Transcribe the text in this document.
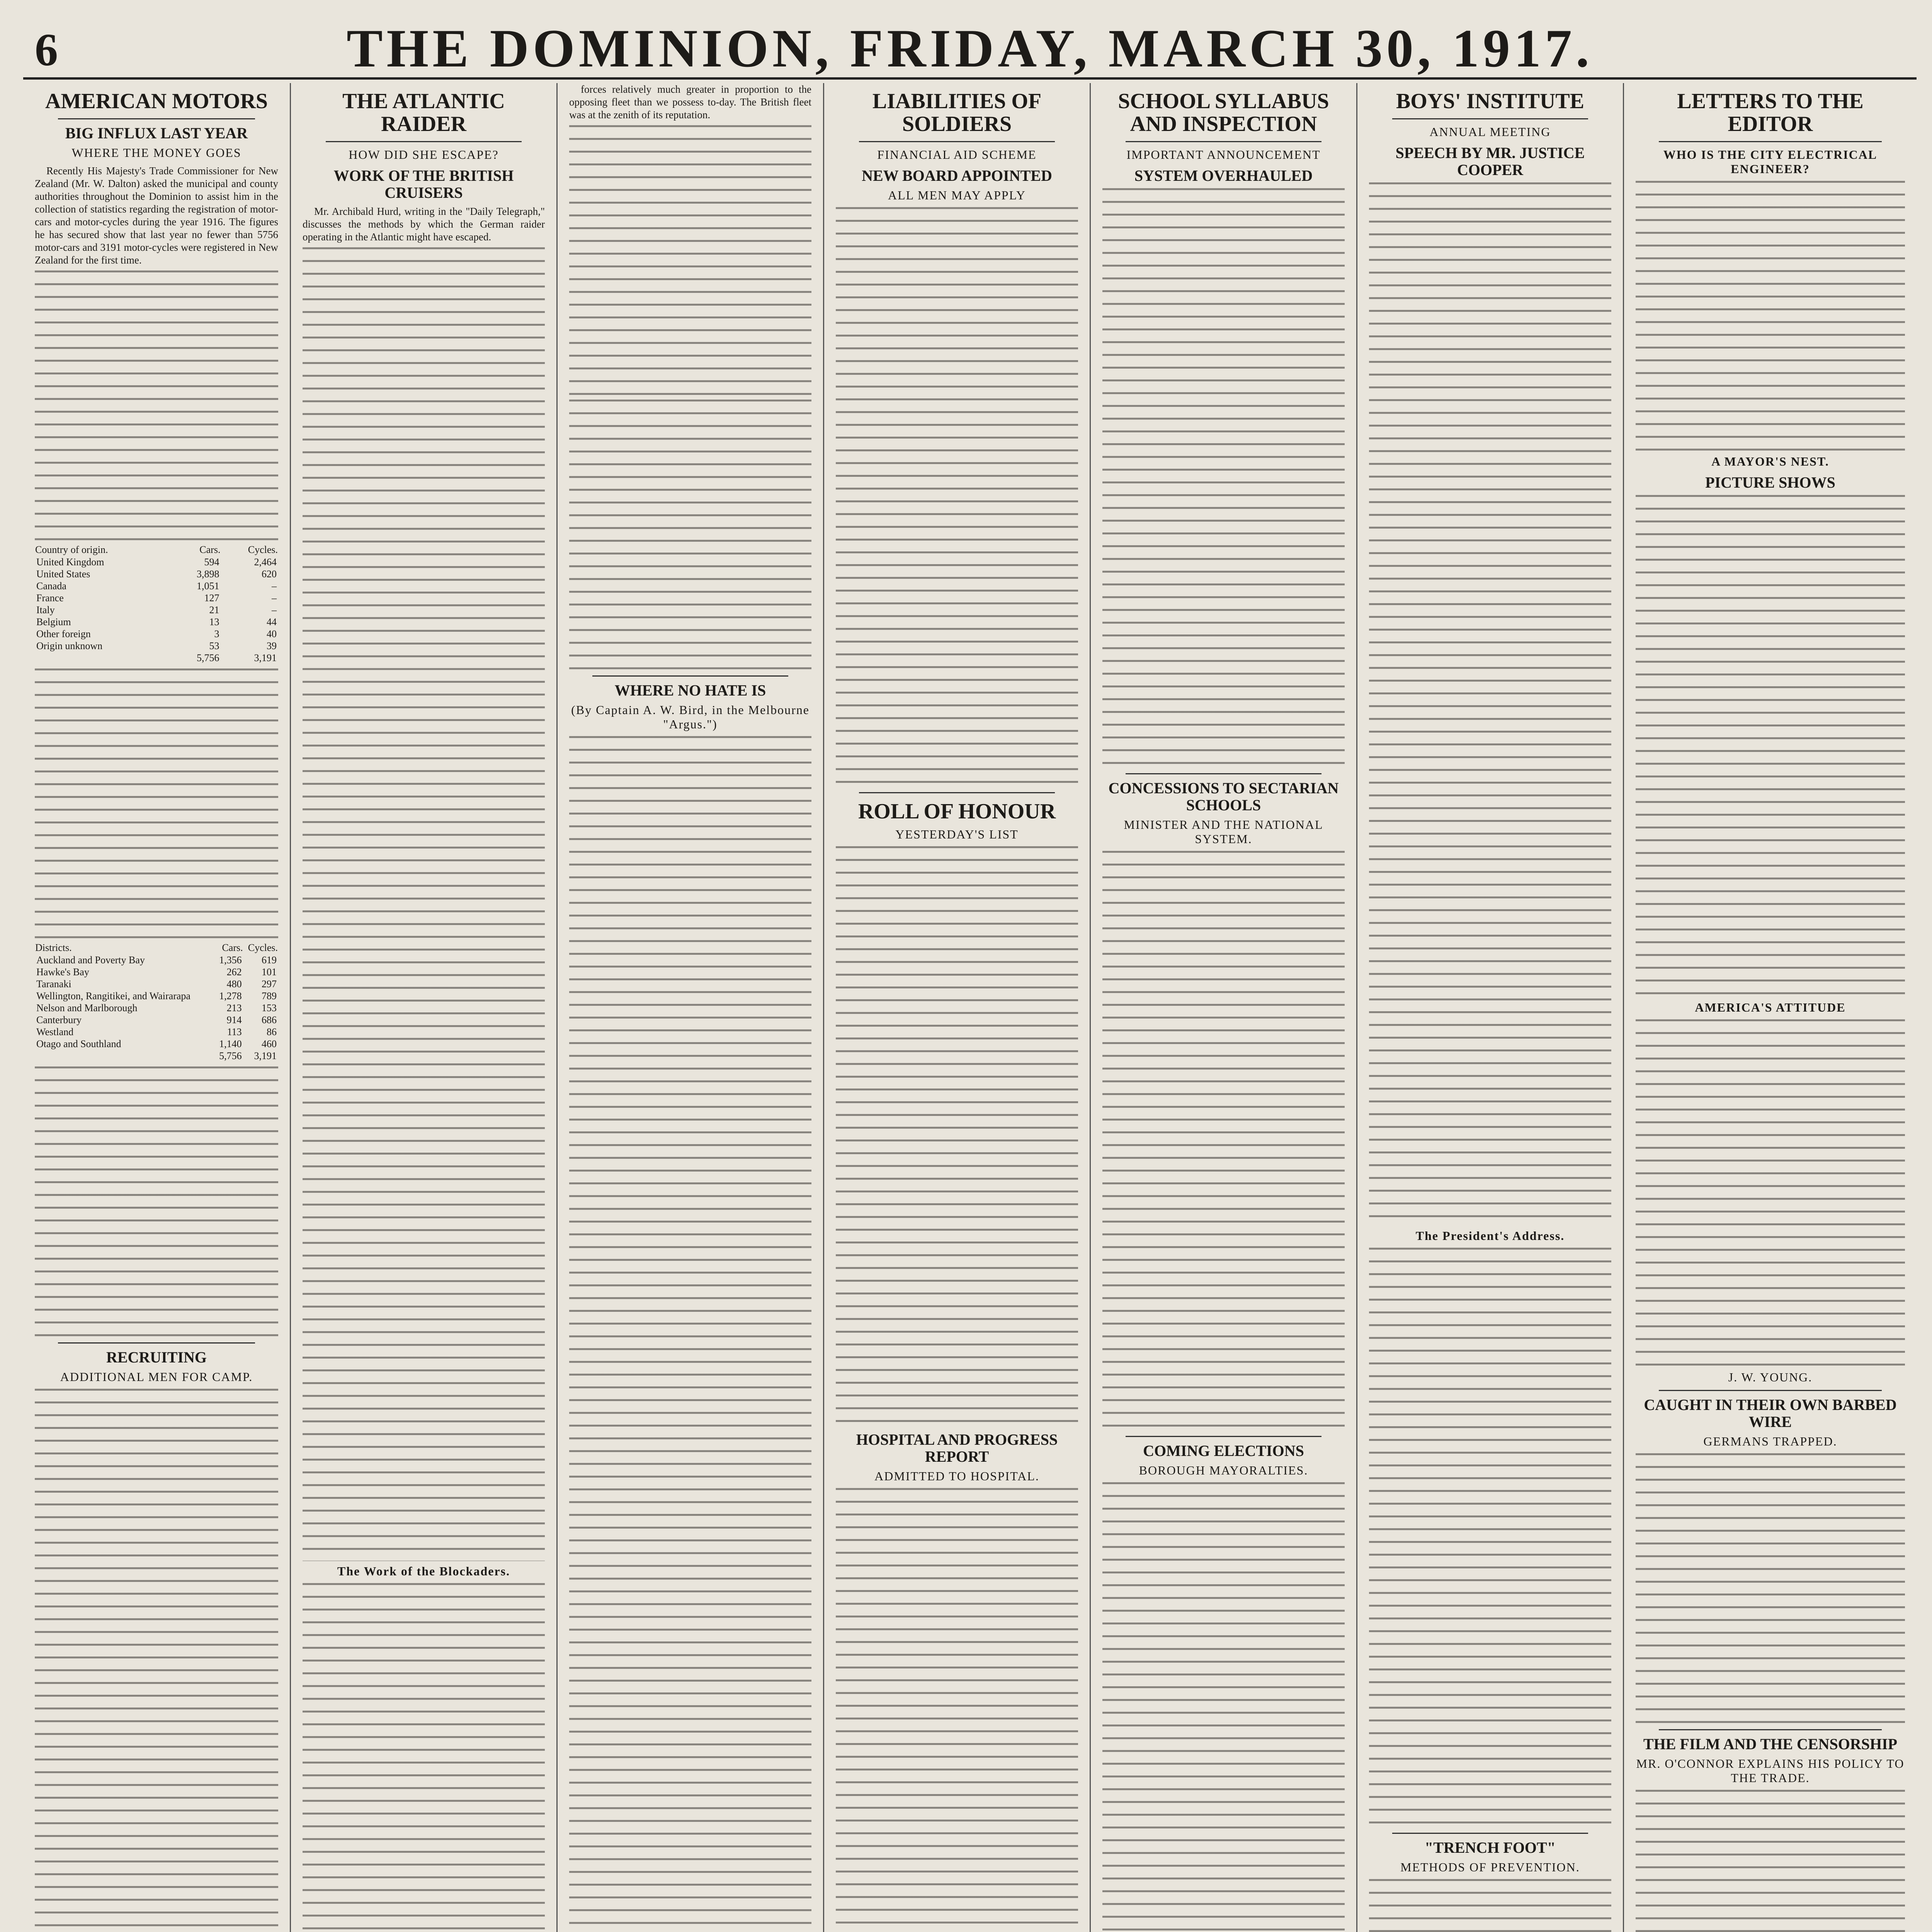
6	THE DOMINION, FRIDAY, MARCH 30, 1917.
AMERICAN MOTORS
BIG INFLUX LAST YEAR
WHERE THE MONEY GOES

Recently His Majesty's Trade Commissioner for New Zealand (Mr. W. Dalton) asked the municipal and county authorities throughout the Dominion to assist him in the collection of statistics regarding the registration of motor-cars and motor-cycles during the year 1916. The figures he has secured show that last year no fewer than 5756 motor-cars and 3191 motor-cycles were registered in New Zealand for the first time.

Country of origin.	Cars.	Cycles.
United Kingdom	594	2,464
United States	3,898	620
Canada	1,051	–
France	127	–
Italy	21	–
Belgium	13	44
Other foreign	3	40
Origin unknown	53	39
	5,756	3,191
Districts.	Cars.	Cycles.
Auckland and Poverty Bay	1,356	619
Hawke's Bay	262	101
Taranaki	480	297
Wellington, Rangitikei, and Wairarapa	1,278	789
Nelson and Marlborough	213	153
Canterbury	914	686
Westland	113	86
Otago and Southland	1,140	460
	5,756	3,191
RECRUITING
ADDITIONAL MEN FOR CAMP.
THE ATLANTIC RAIDER
HOW DID SHE ESCAPE?
WORK OF THE BRITISH CRUISERS

Mr. Archibald Hurd, writing in the "Daily Telegraph," discusses the methods by which the German raider operating in the Atlantic might have escaped.

The Work of the Blockaders.

forces relatively much greater in proportion to the opposing fleet than we possess to-day. The British fleet was at the zenith of its reputation.

WHERE NO HATE IS
(By Captain A. W. Bird, in the Melbourne "Argus.")
LIABILITIES OF SOLDIERS
FINANCIAL AID SCHEME
NEW BOARD APPOINTED
ALL MEN MAY APPLY
ROLL OF HONOUR
YESTERDAY'S LIST
HOSPITAL AND PROGRESS REPORT
ADMITTED TO HOSPITAL.
SCHOOL SYLLABUS AND INSPECTION
IMPORTANT ANNOUNCEMENT
SYSTEM OVERHAULED
CONCESSIONS TO SECTARIAN SCHOOLS
MINISTER AND THE NATIONAL SYSTEM.
COMING ELECTIONS
BOROUGH MAYORALTIES.
BOYS' INSTITUTE
ANNUAL MEETING
SPEECH BY MR. JUSTICE COOPER
The President's Address.
"TRENCH FOOT"
METHODS OF PREVENTION.
LETTERS TO THE EDITOR
WHO IS THE CITY ELECTRICAL ENGINEER?
A MAYOR'S NEST.
PICTURE SHOWS
AMERICA'S ATTITUDE
J. W. YOUNG.
CAUGHT IN THEIR OWN BARBED WIRE
GERMANS TRAPPED.
THE FILM AND THE CENSORSHIP
MR. O'CONNOR EXPLAINS HIS POLICY TO THE TRADE.
